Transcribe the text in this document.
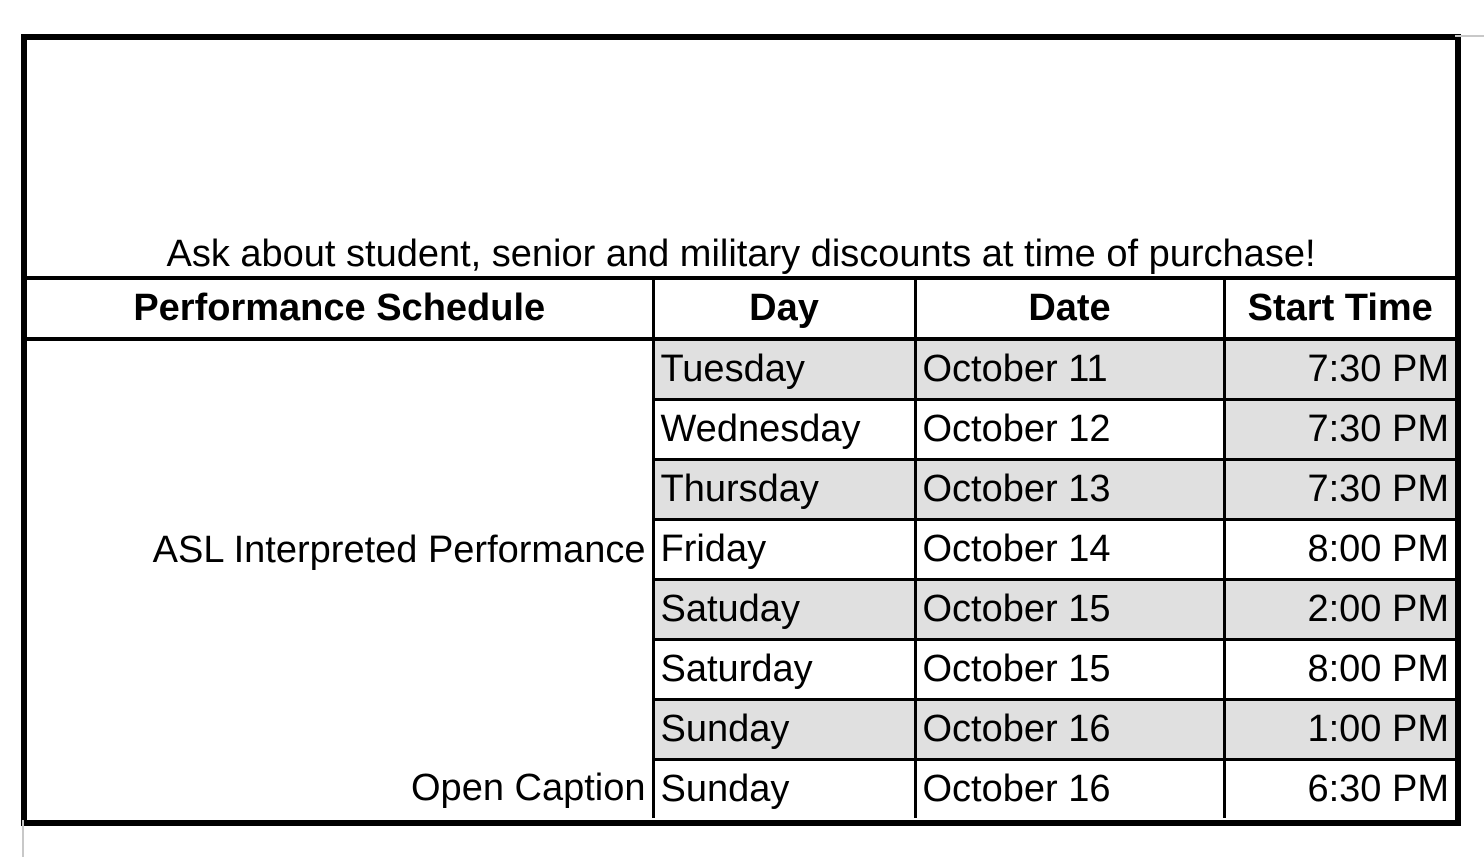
Ask about student, senior and military discounts at time of purchase!
Performance Schedule	Day	Date	Start Time
ASL Interpreted Performance	Tuesday	October 11	7:30 PM
	Wednesday	October 12	7:30 PM
	Thursday	October 13	7:30 PM
	Friday	October 14	8:00 PM
	Satuday	October 15	2:00 PM
	Saturday	October 15	8:00 PM
	Sunday	October 16	1:00 PM
Open Caption	Sunday	October 16	6:30 PM
